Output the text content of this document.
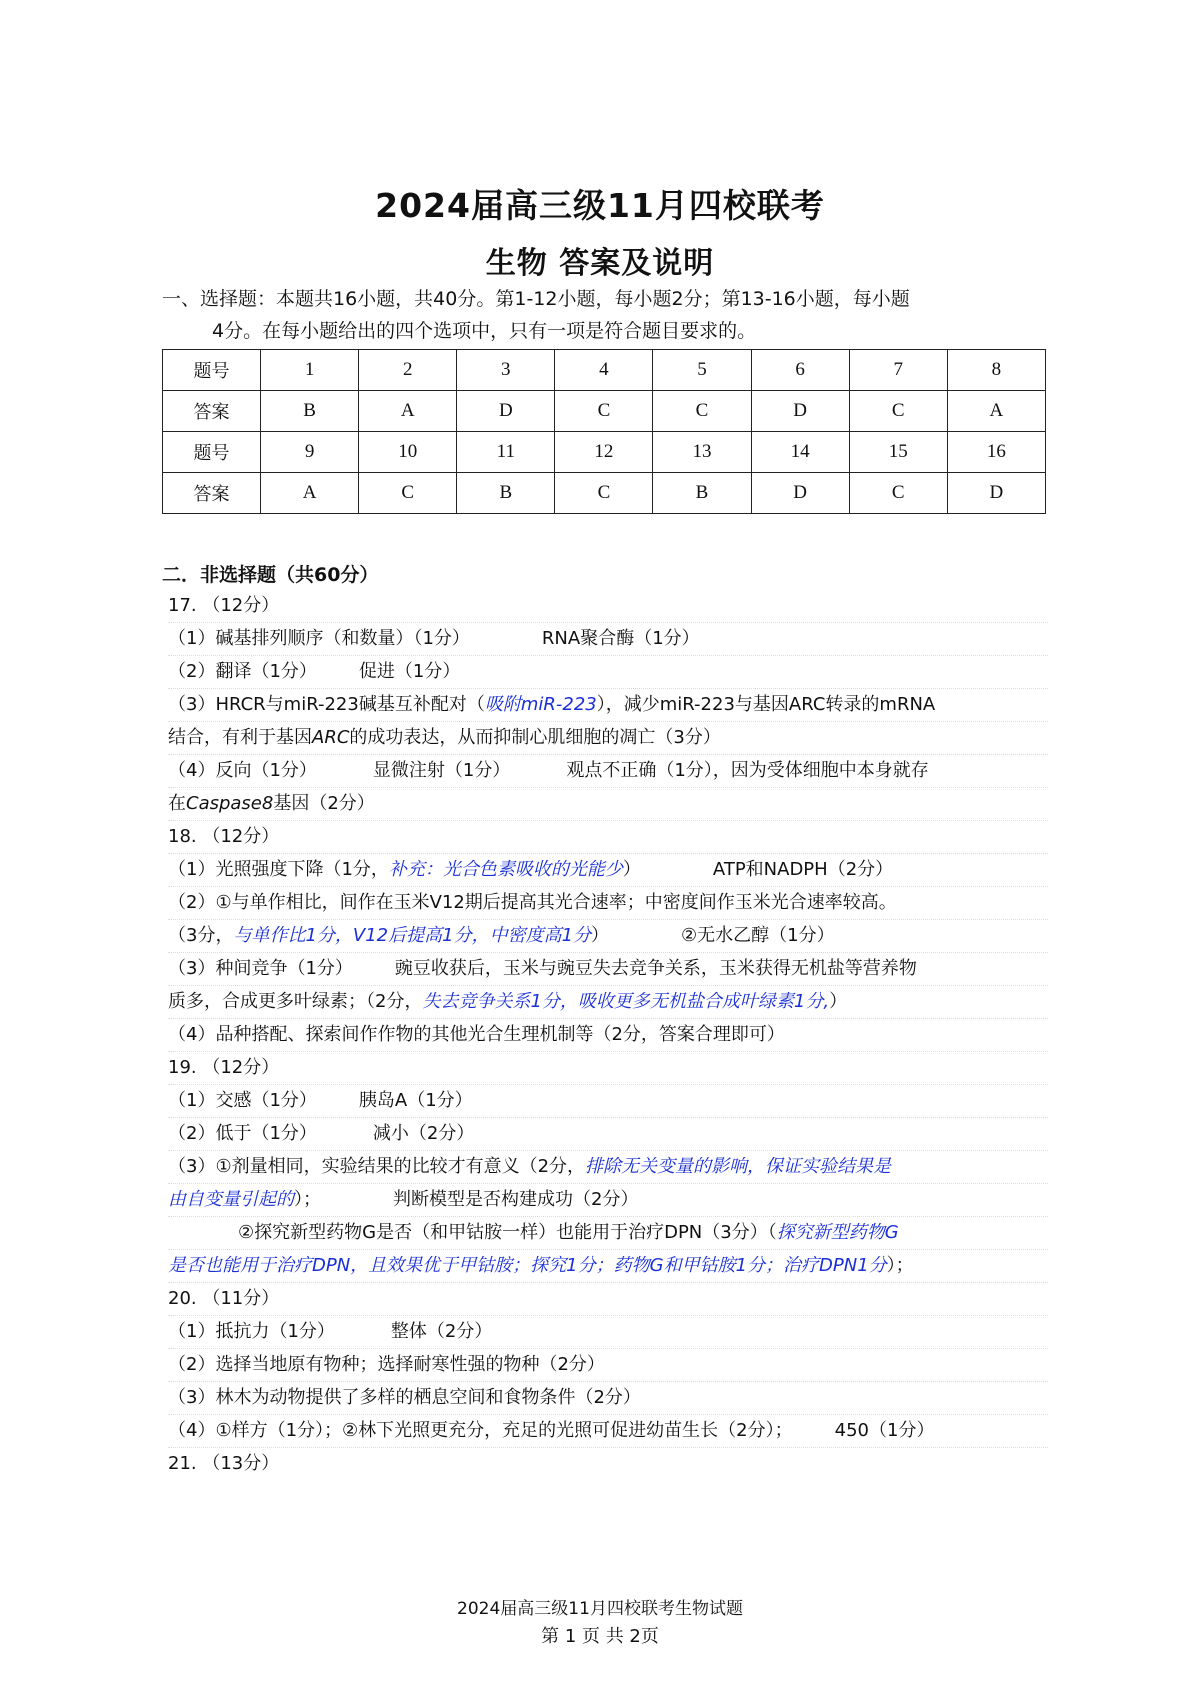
2024届高三级11月四校联考
生物 答案及说明
一、选择题：本题共16小题，共40分。第1-12小题，每小题2分；第13-16小题，每小题
4分。在每小题给出的四个选项中，只有一项是符合题目要求的。
题号	1	2	3	4	5	6	7	8
答案	B	A	D	C	C	D	C	A
题号	9	10	11	12	13	14	15	16
答案	A	C	B	C	B	D	C	D
二．非选择题（共60分）
17. （12分）
（1）碱基排列顺序（和数量）（1分）	RNA聚合酶（1分）
（2）翻译（1分） 促进（1分）
（3）HRCR与miR-223碱基互补配对（吸附miR-223），减少miR-223与基因ARC转录的mRNA
结合，有利于基因ARC的成功表达，从而抑制心肌细胞的凋亡（3分）
（4）反向（1分）	显微注射（1分）	观点不正确（1分），因为受体细胞中本身就存
在Caspase8基因（2分）
18. （12分）
（1）光照强度下降（1分，补充：光合色素吸收的光能少）	ATP和NADPH（2分）
（2）①与单作相比，间作在玉米V12期后提高其光合速率；中密度间作玉米光合速率较高。
（3分，与单作比1分，V12后提高1分，中密度高1分）	②无水乙醇（1分）
（3）种间竞争（1分） 豌豆收获后，玉米与豌豆失去竞争关系，玉米获得无机盐等营养物
质多，合成更多叶绿素；（2分，失去竞争关系1分，吸收更多无机盐合成叶绿素1分,）
（4）品种搭配、探索间作作物的其他光合生理机制等（2分，答案合理即可）
19. （12分）
（1）交感（1分） 胰岛A（1分）
（2）低于（1分）	减小（2分）
（3）①剂量相同，实验结果的比较才有意义（2分，排除无关变量的影响，保证实验结果是
由自变量引起的）；	判断模型是否构建成功（2分）
②探究新型药物G是否（和甲钴胺一样）也能用于治疗DPN（3分）（探究新型药物G
是否也能用于治疗DPN，且效果优于甲钴胺；探究1分；药物G和甲钴胺1分；治疗DPN1分）；
20. （11分）
（1）抵抗力（1分）	整体（2分）
（2）选择当地原有物种；选择耐寒性强的物种（2分）
（3）林木为动物提供了多样的栖息空间和食物条件（2分）
（4）①样方（1分）；②林下光照更充分，充足的光照可促进幼苗生长（2分）； 450（1分）
21. （13分）
2024届高三级11月四校联考生物试题
第 1 页 共 2页
